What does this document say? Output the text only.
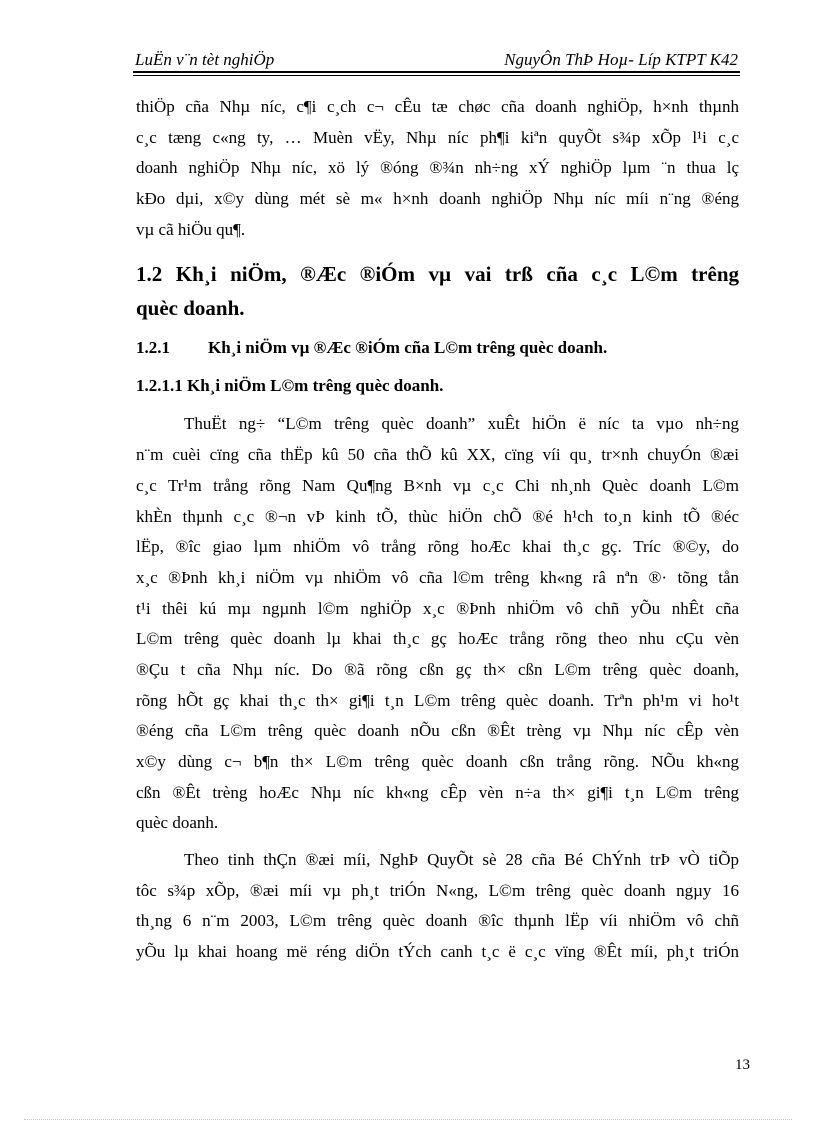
LuËn v¨n tèt nghiÖp	NguyÔn ThÞ Hoµ- Líp KTPT K42
thiÖp cña Nhµ níc, c¶i c¸ch c¬ cÊu tæ chøc cña doanh nghiÖp, h×nh thµnh
c¸c tæng c«ng ty, … Muèn vËy, Nhµ níc ph¶i kiªn quyÕt s¾p xÕp l¹i c¸c
doanh nghiÖp Nhµ níc, xö lý ®óng ®¾n nh÷ng xÝ nghiÖp lµm ¨n thua lç
kÐo dµi, x©y dùng mét sè m« h×nh doanh nghiÖp Nhµ níc míi n¨ng ®éng
vµ cã hiÖu qu¶.
1.2 Kh¸i niÖm, ®Æc ®iÓm vµ vai trß cña c¸c L©m trêng
quèc doanh.
1.2.1 Kh¸i niÖm vµ ®Æc ®iÓm cña L©m trêng quèc doanh.
1.2.1.1 Kh¸i niÖm L©m trêng quèc doanh.
ThuËt ng÷ “L©m trêng quèc doanh” xuÊt hiÖn ë níc ta vµo nh÷ng
n¨m cuèi cïng cña thËp kû 50 cña thÕ kû XX, cïng víi qu¸ tr×nh chuyÓn ®æi
c¸c Tr¹m trång rõng Nam Qu¶ng B×nh vµ c¸c Chi nh¸nh Quèc doanh L©m
khÈn thµnh c¸c ®¬n vÞ kinh tÕ, thùc hiÖn chÕ ®é h¹ch to¸n kinh tÕ ®éc
lËp, ®îc giao lµm nhiÖm vô trång rõng hoÆc khai th¸c gç. Tríc ®©y, do
x¸c ®Þnh kh¸i niÖm vµ nhiÖm vô cña l©m trêng kh«ng râ nªn ®· tõng tån
t¹i thêi kú mµ ngµnh l©m nghiÖp x¸c ®Þnh nhiÖm vô chñ yÕu nhÊt cña
L©m trêng quèc doanh lµ khai th¸c gç hoÆc trång rõng theo nhu cÇu vèn
®Çu t cña Nhµ níc. Do ®ã rõng cßn gç th× cßn L©m trêng quèc doanh,
rõng hÕt gç khai th¸c th× gi¶i t¸n L©m trêng quèc doanh. Trªn ph¹m vi ho¹t
®éng cña L©m trêng quèc doanh nÕu cßn ®Êt trèng vµ Nhµ níc cÊp vèn
x©y dùng c¬ b¶n th× L©m trêng quèc doanh cßn trång rõng. NÕu kh«ng
cßn ®Êt trèng hoÆc Nhµ níc kh«ng cÊp vèn n÷a th× gi¶i t¸n L©m trêng
quèc doanh.
Theo tinh thÇn ®æi míi, NghÞ QuyÕt sè 28 cña Bé ChÝnh trÞ vÒ tiÕp
tôc s¾p xÕp, ®æi míi vµ ph¸t triÓn N«ng, L©m trêng quèc doanh ngµy 16
th¸ng 6 n¨m 2003, L©m trêng quèc doanh ®îc thµnh lËp víi nhiÖm vô chñ
yÕu lµ khai hoang më réng diÖn tÝch canh t¸c ë c¸c vïng ®Êt míi, ph¸t triÓn
13
